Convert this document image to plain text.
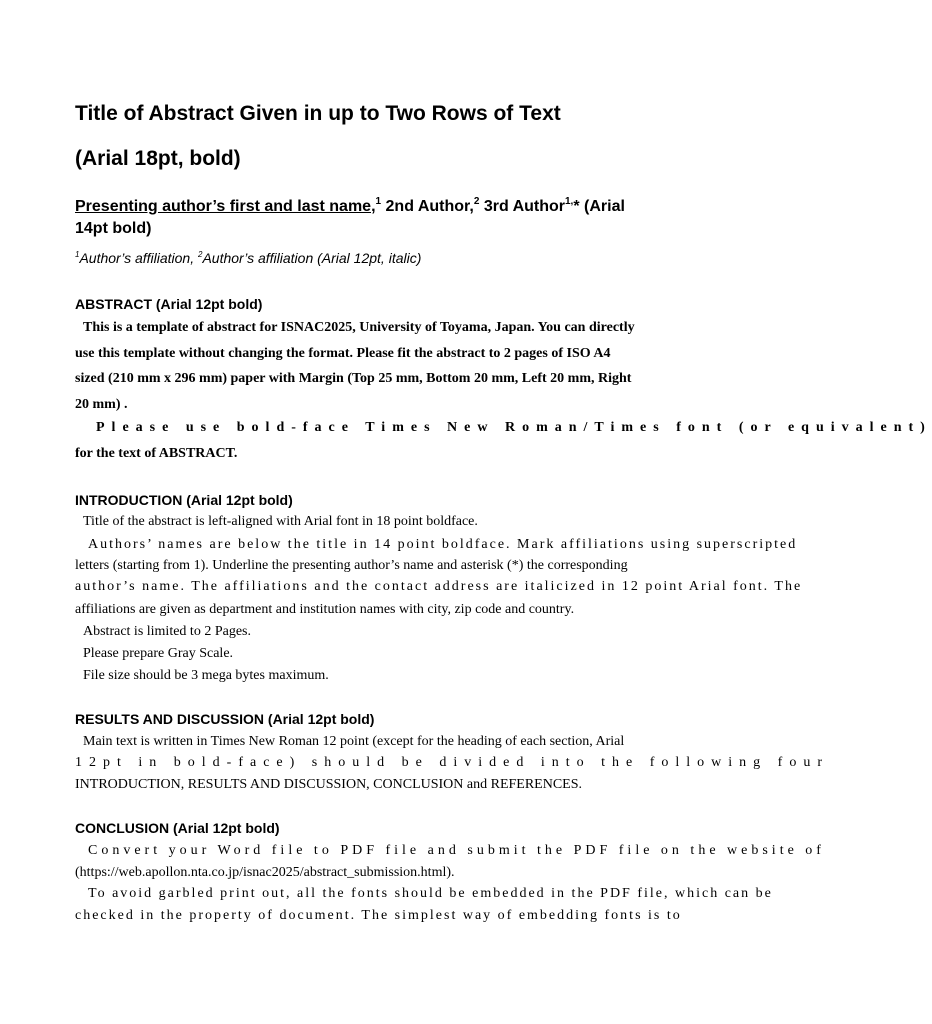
Title of Abstract Given in up to Two Rows of Text
(Arial 18pt, bold)
Presenting author’s first and last name,$^1$ 2nd Author,$^2$ 3rd Author$^{1,}$* (Arial
14pt bold)
$^1$Author’s affiliation, $^2$Author’s affiliation (Arial 12pt, italic)
ABSTRACT (Arial 12pt bold)
This is a template of abstract for ISNAC2025, University of Toyama, Japan. You can directly
use this template without changing the format. Please fit the abstract to 2 pages of ISO A4
sized (210 mm x 296 mm) paper with Margin (Top 25 mm, Bottom 20 mm, Left 20 mm, Right
20 mm) .
Please use bold-face Times New Roman/Times font (or equivalent)
for the text of ABSTRACT.
INTRODUCTION (Arial 12pt bold)
Title of the abstract is left-aligned with Arial font in 18 point boldface.
Authors’ names are below the title in 14 point boldface. Mark affiliations using superscripted
letters (starting from 1). Underline the presenting author’s name and asterisk (*) the corresponding
author’s name. The affiliations and the contact address are italicized in 12 point Arial font. The
affiliations are given as department and institution names with city, zip code and country.
Abstract is limited to 2 Pages.
Please prepare Gray Scale.
File size should be 3 mega bytes maximum.
RESULTS AND DISCUSSION (Arial 12pt bold)
Main text is written in Times New Roman 12 point (except for the heading of each section, Arial
12pt in bold-face) should be divided into the following four
INTRODUCTION, RESULTS AND DISCUSSION, CONCLUSION and REFERENCES.
CONCLUSION (Arial 12pt bold)
Convert your Word file to PDF file and submit the PDF file on the website of
(https://web.apollon.nta.co.jp/isnac2025/abstract_submission.html).
To avoid garbled print out, all the fonts should be embedded in the PDF file, which can be
checked in the property of document. The simplest way of embedding fonts is to
